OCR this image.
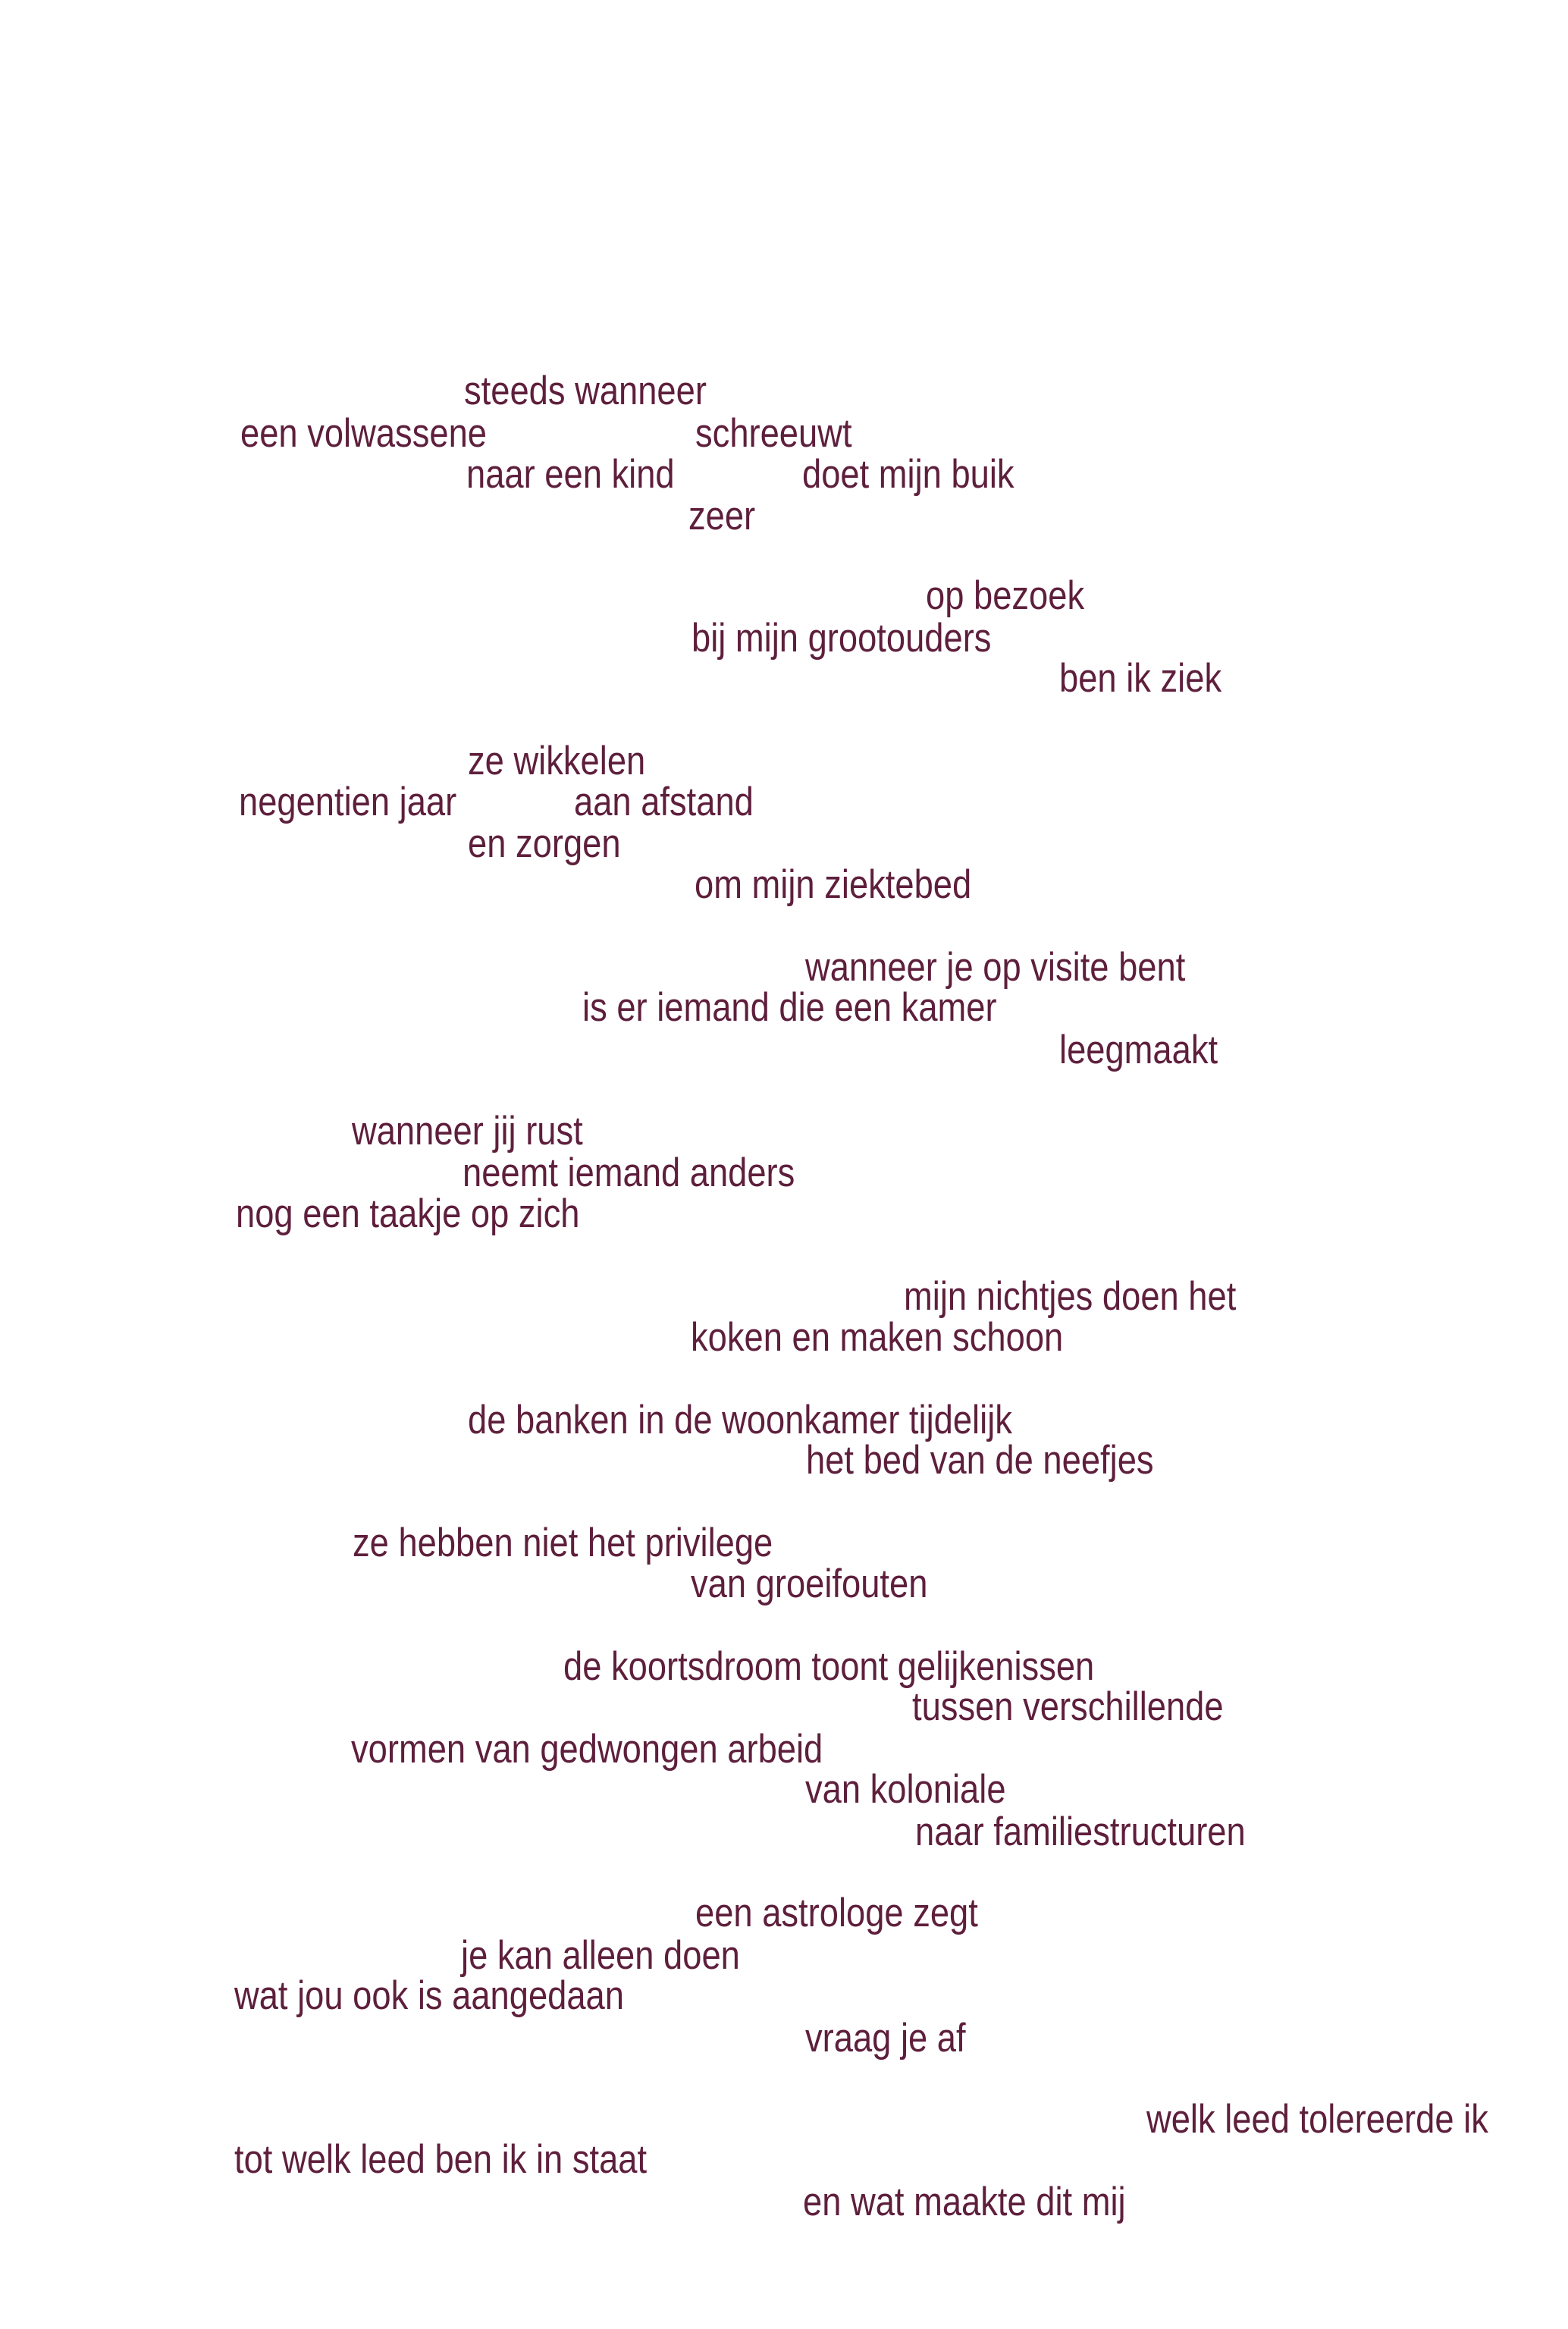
steeds wanneer
een volwassene	schreeuwt
naar een kind	doet mijn buik
zeer
op bezoek
bij mijn grootouders
ben ik ziek
ze wikkelen
negentien jaar	aan afstand
en zorgen
om mijn ziektebed
wanneer je op visite bent
is er iemand die een kamer
leegmaakt
wanneer jij rust
neemt iemand anders
nog een taakje op zich
mijn nichtjes doen het
koken en maken schoon
de banken in de woonkamer tijdelijk
het bed van de neefjes
ze hebben niet het privilege
van groeifouten
de koortsdroom toont gelijkenissen
tussen verschillende
vormen van gedwongen arbeid
van koloniale
naar familiestructuren
een astrologe zegt
je kan alleen doen
wat jou ook is aangedaan
vraag je af
welk leed tolereerde ik
tot welk leed ben ik in staat
en wat maakte dit mij
